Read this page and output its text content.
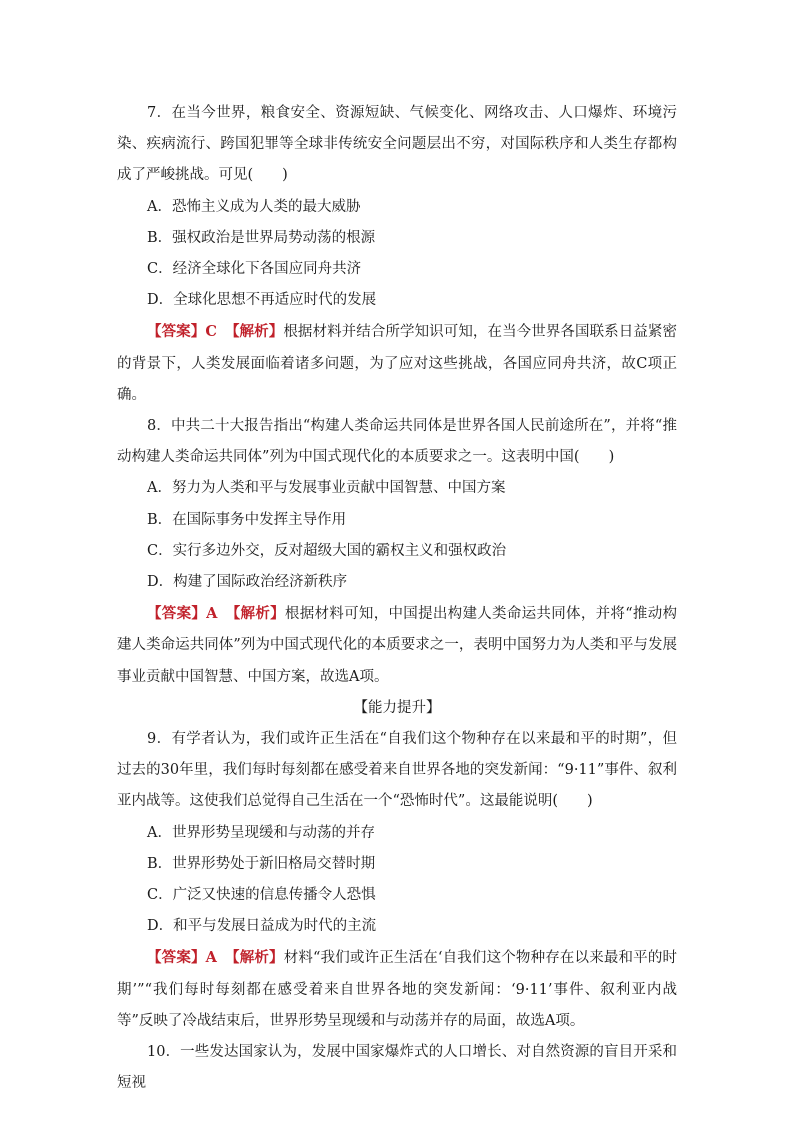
7．在当今世界，粮食安全、资源短缺、气候变化、网络攻击、人口爆炸、环境污染、疾病流行、跨国犯罪等全球非传统安全问题层出不穷，对国际秩序和人类生存都构成了严峻挑战。可见(　　)

A．恐怖主义成为人类的最大威胁

B．强权政治是世界局势动荡的根源

C．经济全球化下各国应同舟共济

D．全球化思想不再适应时代的发展

【答案】C 【解析】根据材料并结合所学知识可知，在当今世界各国联系日益紧密的背景下，人类发展面临着诸多问题，为了应对这些挑战，各国应同舟共济，故C项正确。

8．中共二十大报告指出“构建人类命运共同体是世界各国人民前途所在”，并将“推动构建人类命运共同体”列为中国式现代化的本质要求之一。这表明中国(　　)

A．努力为人类和平与发展事业贡献中国智慧、中国方案

B．在国际事务中发挥主导作用

C．实行多边外交，反对超级大国的霸权主义和强权政治

D．构建了国际政治经济新秩序

【答案】A 【解析】根据材料可知，中国提出构建人类命运共同体，并将“推动构建人类命运共同体”列为中国式现代化的本质要求之一，表明中国努力为人类和平与发展事业贡献中国智慧、中国方案，故选A项。

【能力提升】

9．有学者认为，我们或许正生活在“自我们这个物种存在以来最和平的时期”，但过去的30年里，我们每时每刻都在感受着来自世界各地的突发新闻：“9·11”事件、叙利亚内战等。这使我们总觉得自己生活在一个“恐怖时代”。这最能说明(　　)

A．世界形势呈现缓和与动荡的并存

B．世界形势处于新旧格局交替时期

C．广泛又快速的信息传播令人恐惧

D．和平与发展日益成为时代的主流

【答案】A 【解析】材料“我们或许正生活在‘自我们这个物种存在以来最和平的时期’”“我们每时每刻都在感受着来自世界各地的突发新闻：‘9·11’事件、叙利亚内战等”反映了冷战结束后，世界形势呈现缓和与动荡并存的局面，故选A项。

10．一些发达国家认为，发展中国家爆炸式的人口增长、对自然资源的盲目开采和短视
